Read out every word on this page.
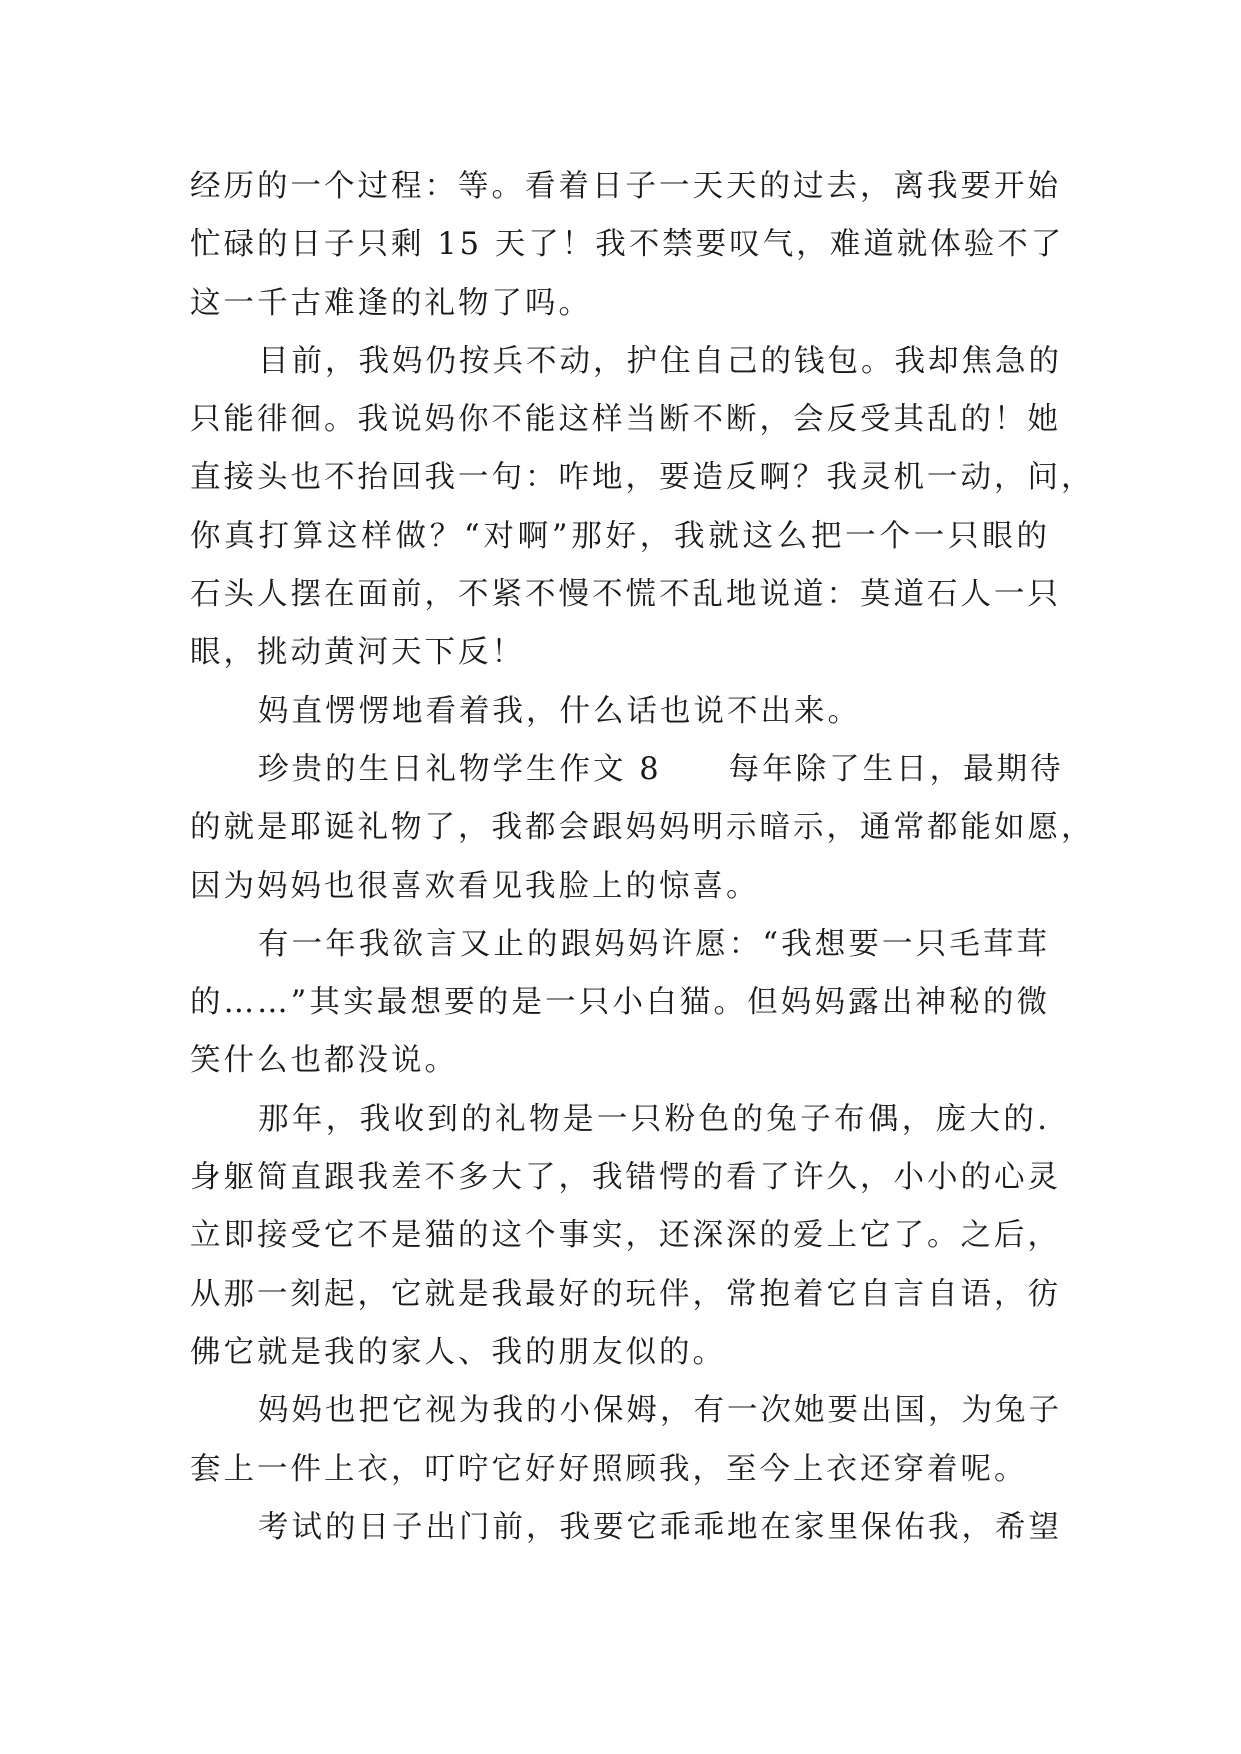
经历的一个过程：等。看着日子一天天的过去，离我要开始
忙碌的日子只剩 15 天了！我不禁要叹气，难道就体验不了
这一千古难逢的礼物了吗。
目前，我妈仍按兵不动，护住自己的钱包。我却焦急的
只能徘徊。我说妈你不能这样当断不断，会反受其乱的！她
直接头也不抬回我一句：咋地，要造反啊？我灵机一动，问，
你真打算这样做？“对啊”那好，我就这么把一个一只眼的
石头人摆在面前，不紧不慢不慌不乱地说道：莫道石人一只
眼，挑动黄河天下反！
妈直愣愣地看着我，什么话也说不出来。
珍贵的生日礼物学生作文 8　　每年除了生日，最期待
的就是耶诞礼物了，我都会跟妈妈明示暗示，通常都能如愿，
因为妈妈也很喜欢看见我脸上的惊喜。
有一年我欲言又止的跟妈妈许愿：“我想要一只毛茸茸
的……”其实最想要的是一只小白猫。但妈妈露出神秘的微
笑什么也都没说。
那年，我收到的礼物是一只粉色的兔子布偶，庞大的.
身躯简直跟我差不多大了，我错愕的看了许久，小小的心灵
立即接受它不是猫的这个事实，还深深的爱上它了。之后，
从那一刻起，它就是我最好的玩伴，常抱着它自言自语，彷
佛它就是我的家人、我的朋友似的。
妈妈也把它视为我的小保姆，有一次她要出国，为兔子
套上一件上衣，叮咛它好好照顾我，至今上衣还穿着呢。
考试的日子出门前，我要它乖乖地在家里保佑我，希望
